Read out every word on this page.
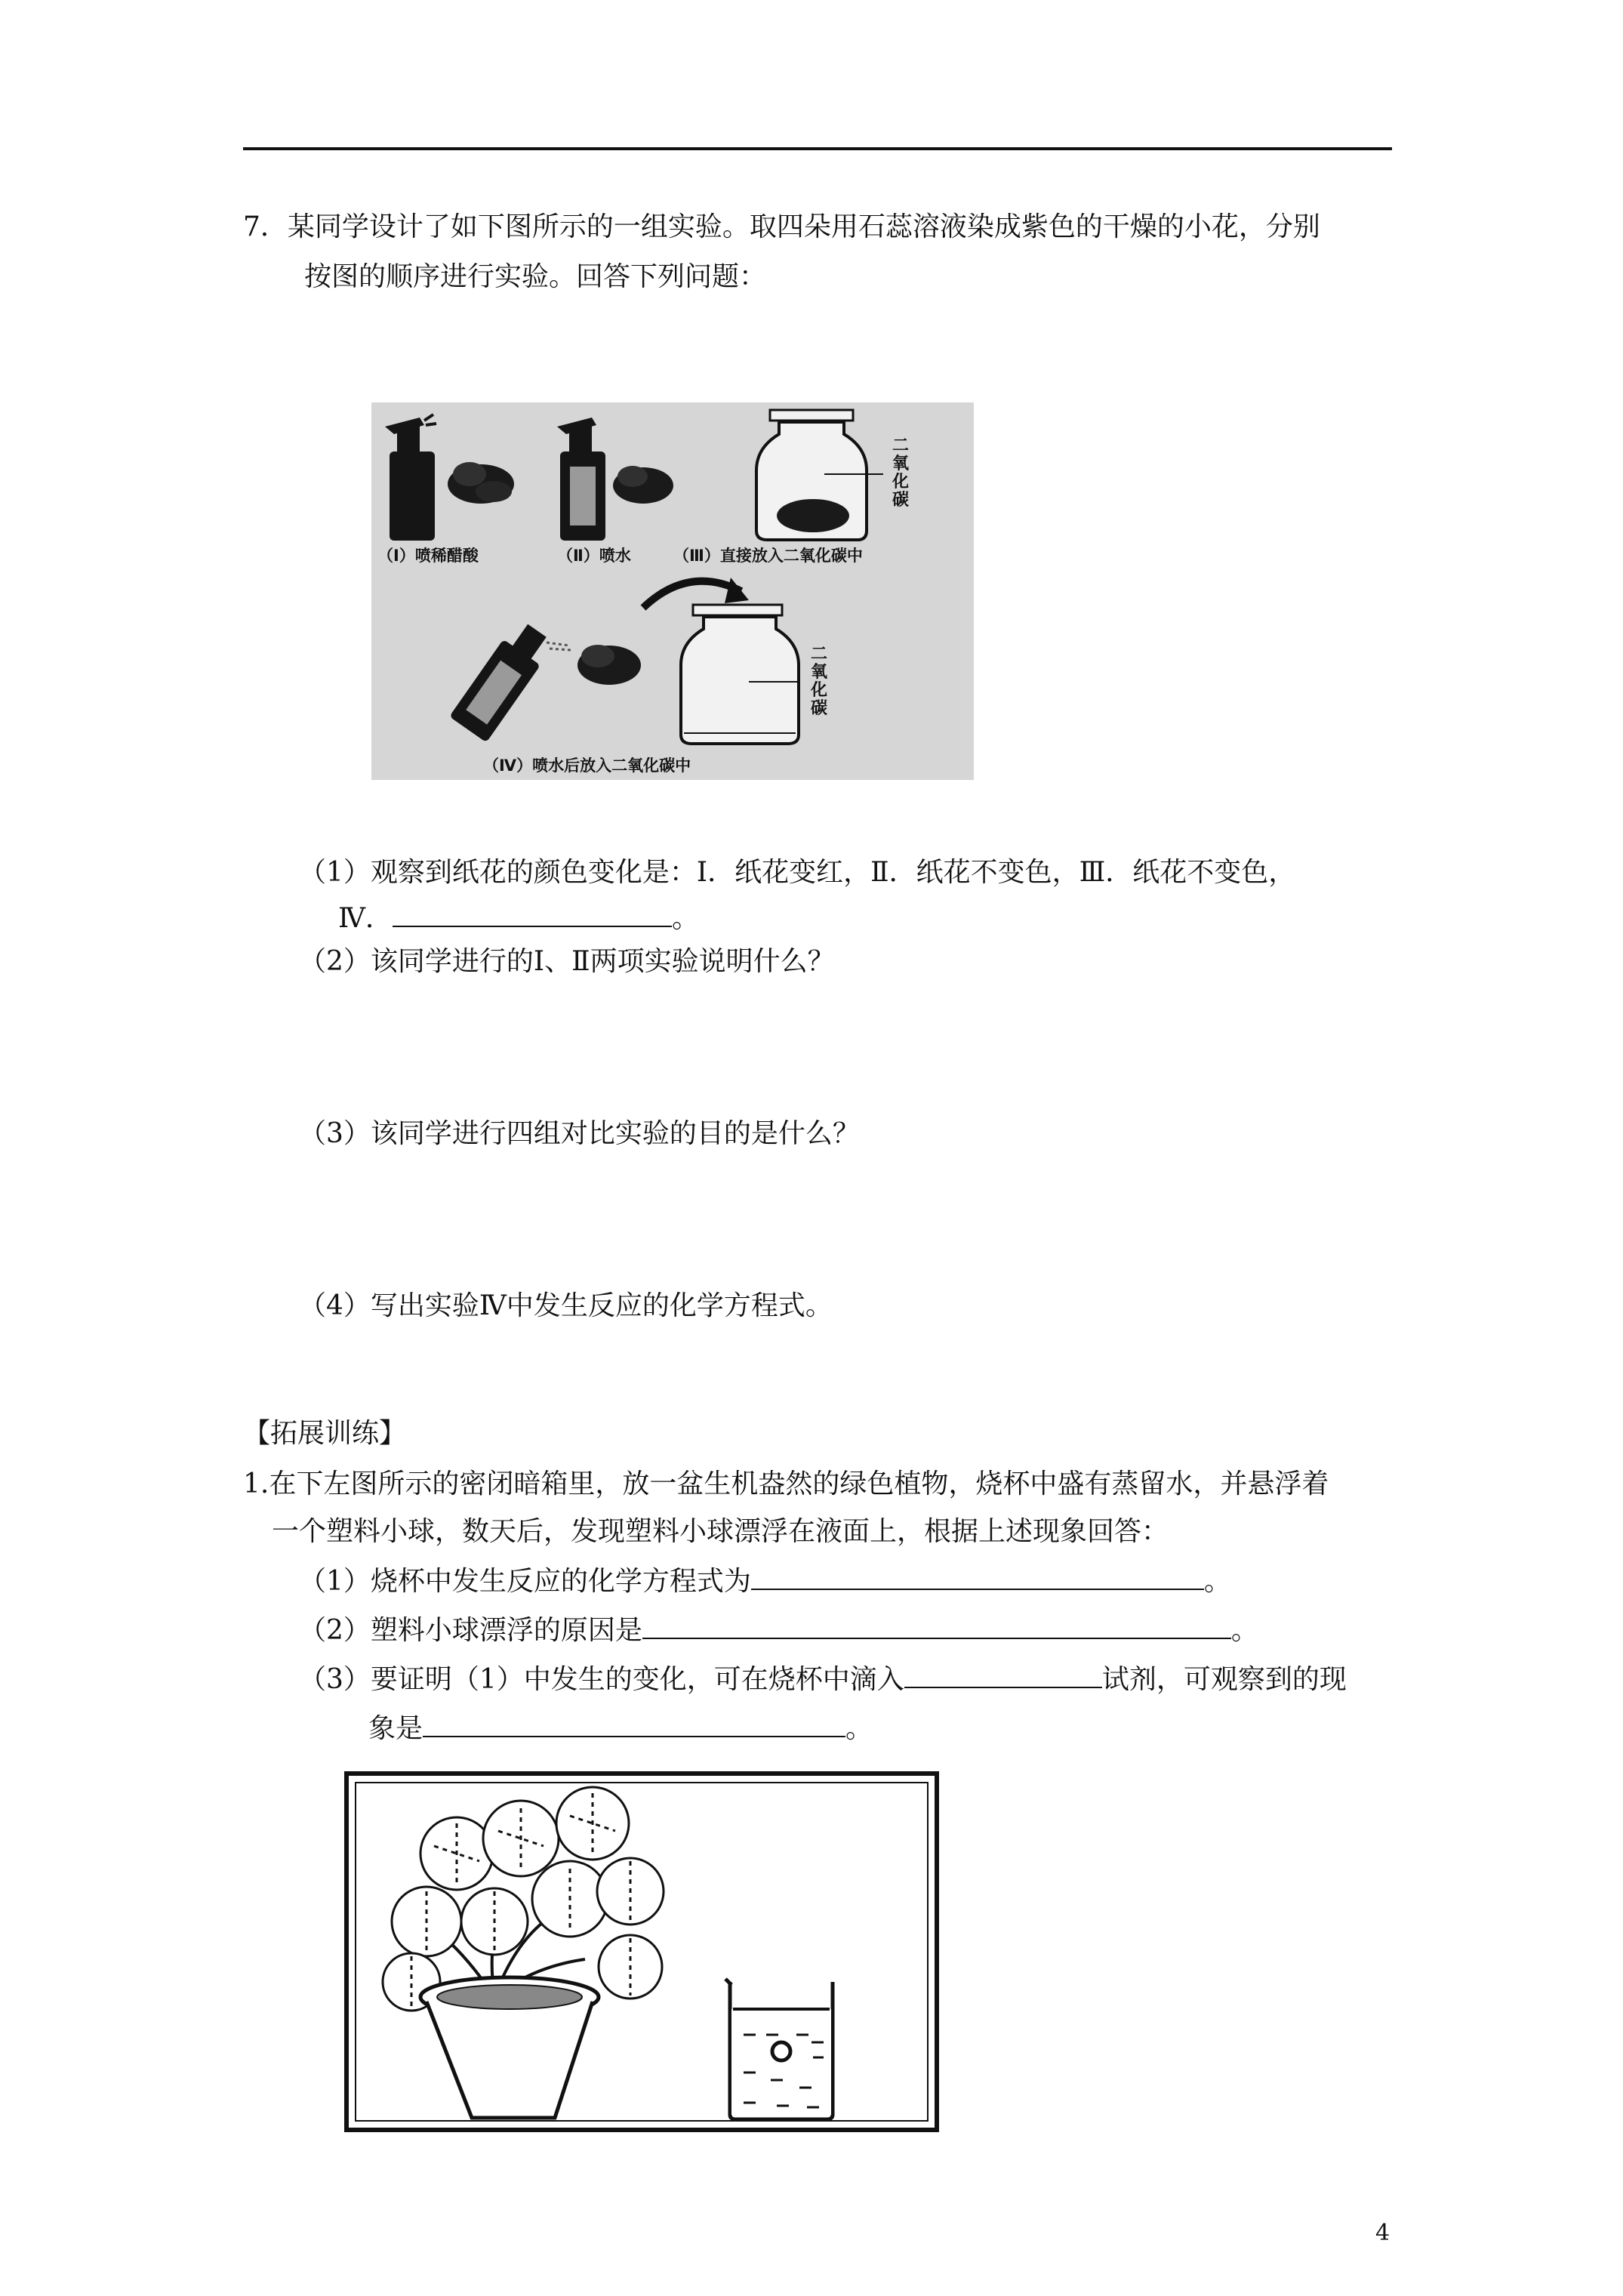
7．某同学设计了如下图所示的一组实验。取四朵用石蕊溶液染成紫色的干燥的小花，分别
按图的顺序进行实验。回答下列问题：
二
氧
化
碳
（Ⅰ）喷稀醋酸	（Ⅱ）喷水	（Ⅲ）直接放入二氧化碳中
二
氧
化
碳
（Ⅳ）喷水后放入二氧化碳中
（1）观察到纸花的颜色变化是：Ⅰ．纸花变红，Ⅱ．纸花不变色，Ⅲ．纸花不变色，
Ⅳ．	。
（2）该同学进行的Ⅰ、Ⅱ两项实验说明什么？
（3）该同学进行四组对比实验的目的是什么？
（4）写出实验Ⅳ中发生反应的化学方程式。
【拓展训练】
1.在下左图所示的密闭暗箱里，放一盆生机盎然的绿色植物，烧杯中盛有蒸留水，并悬浮着
一个塑料小球，数天后，发现塑料小球漂浮在液面上，根据上述现象回答：
（1）烧杯中发生反应的化学方程式为	。
（2）塑料小球漂浮的原因是	。
（3）要证明（1）中发生的变化，可在烧杯中滴入	试剂，可观察到的现
象是	。
4
